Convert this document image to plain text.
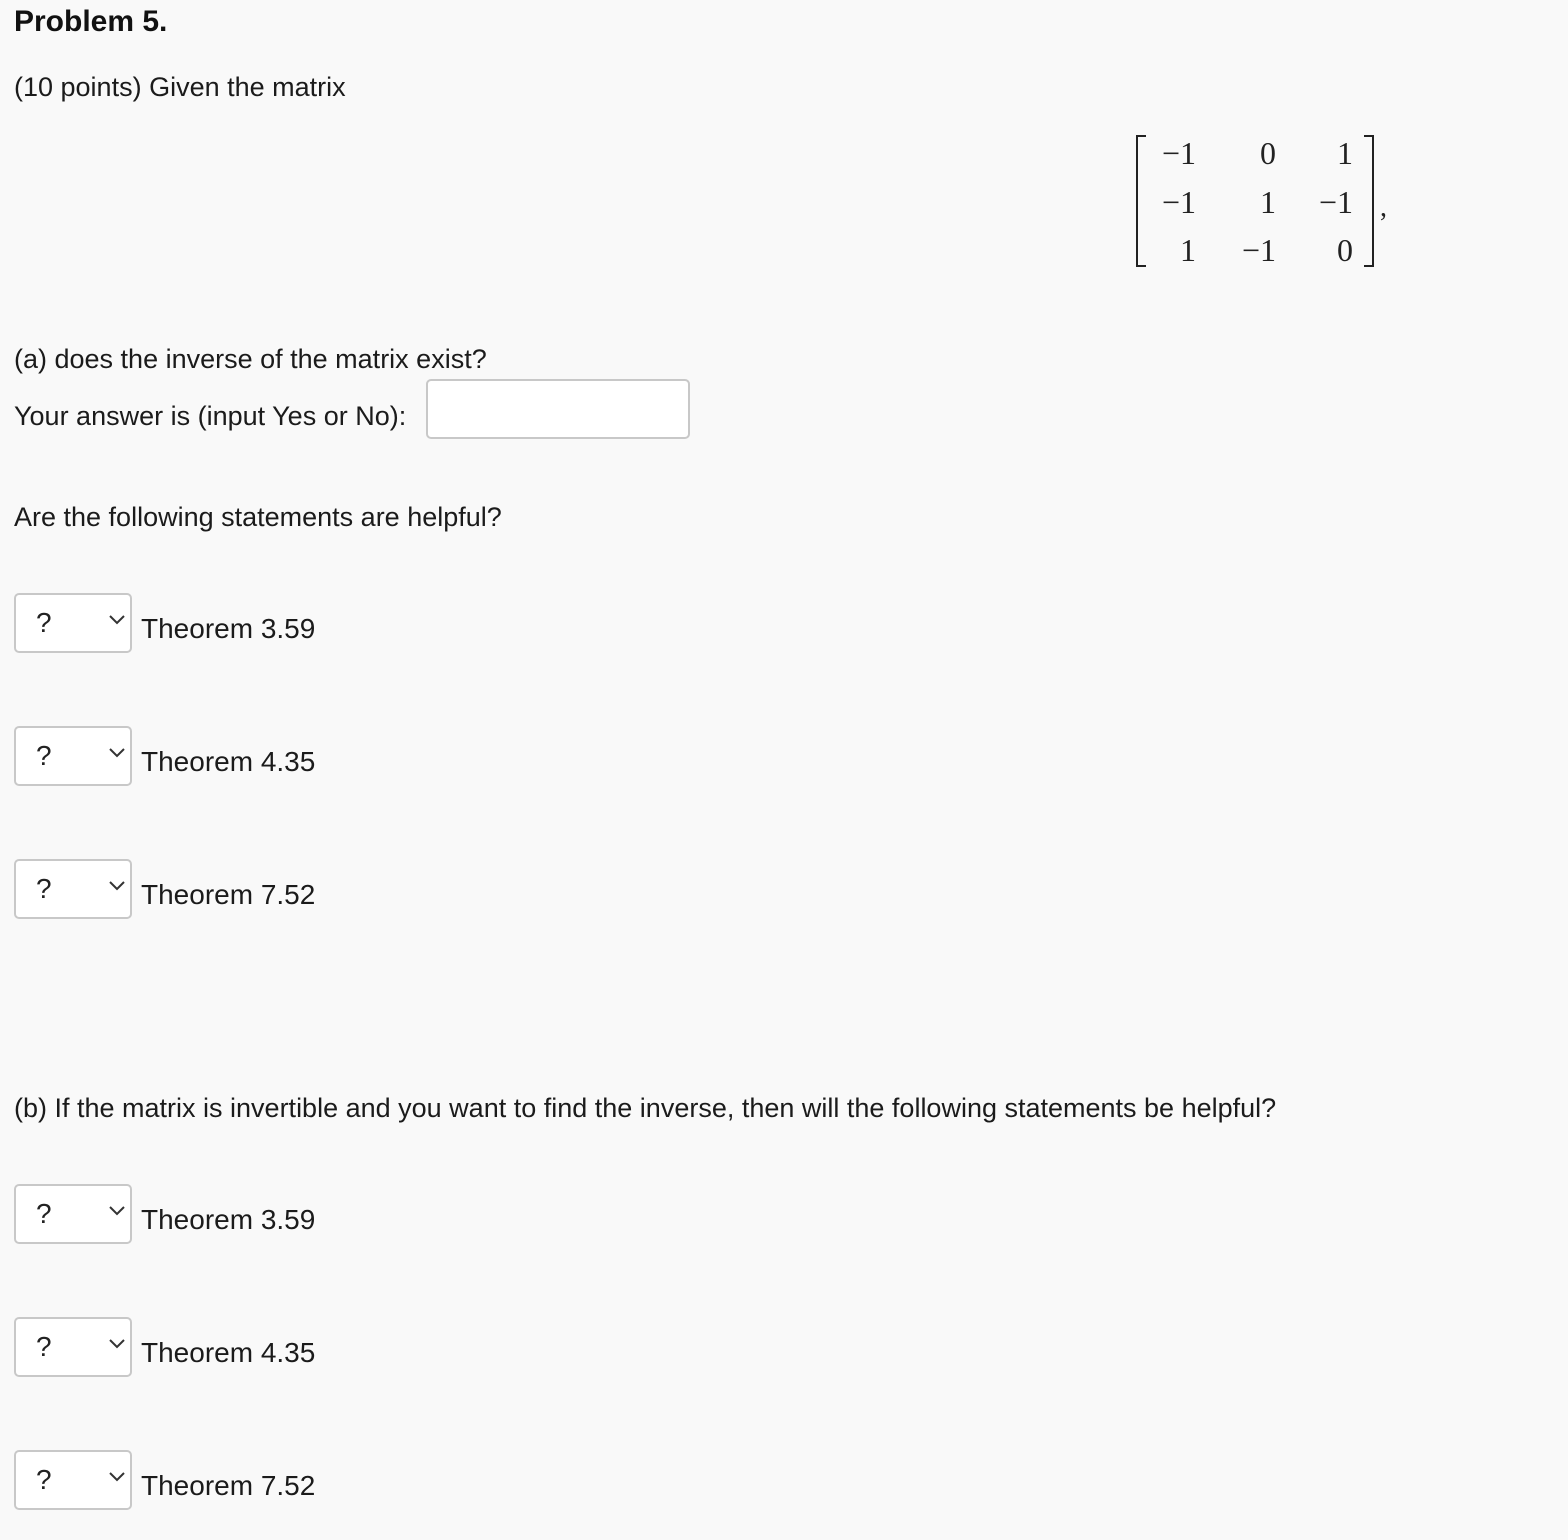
Problem 5.
(10 points) Given the matrix
−1	0	1
−1	1	−1
1	−1	0
,
(a) does the inverse of the matrix exist?
Your answer is (input Yes or No):
Are the following statements are helpful?
?	Theorem 3.59
?	Theorem 4.35
?	Theorem 7.52
(b) If the matrix is invertible and you want to find the inverse, then will the following statements be helpful?
?	Theorem 3.59
?	Theorem 4.35
?	Theorem 7.52
